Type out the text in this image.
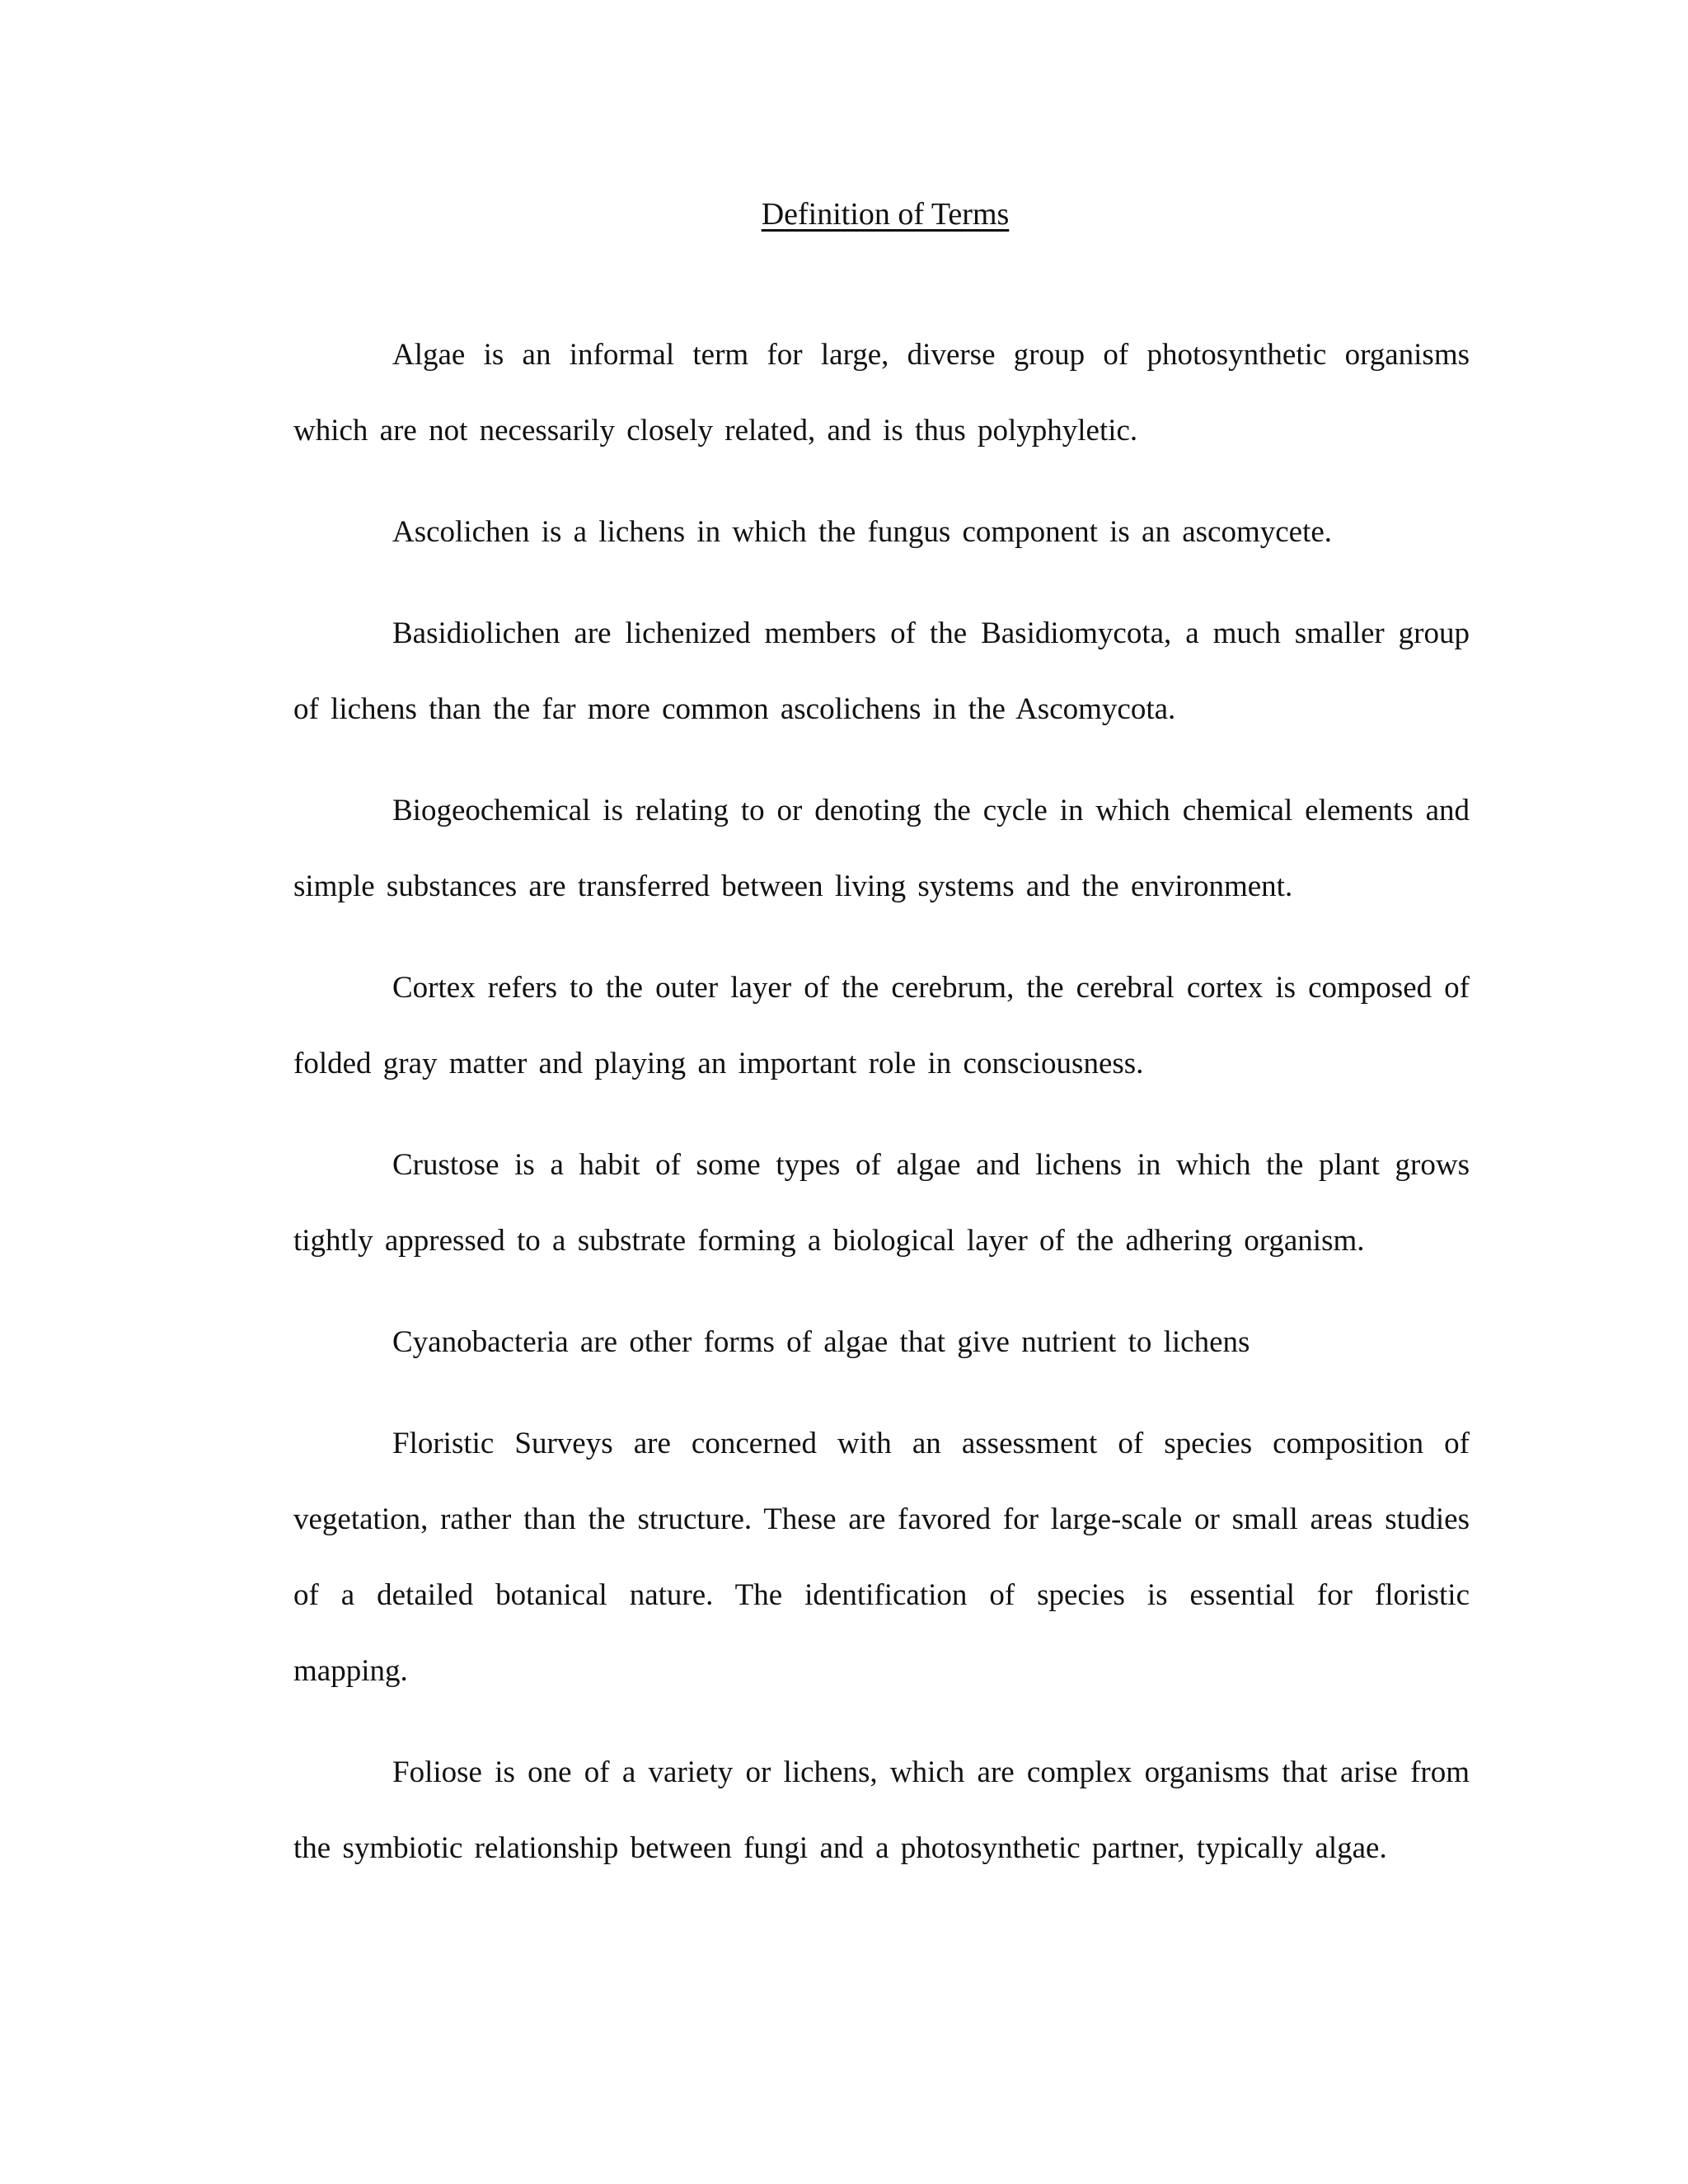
Definition of Terms

Algae is an informal term for large, diverse group of photosynthetic organisms which are not necessarily closely related, and is thus polyphyletic.

Ascolichen is a lichens in which the fungus component is an ascomycete.

Basidiolichen are lichenized members of the Basidiomycota, a much smaller group of lichens than the far more common ascolichens in the Ascomycota.

Biogeochemical is relating to or denoting the cycle in which chemical elements and simple substances are transferred between living systems and the environment.

Cortex refers to the outer layer of the cerebrum, the cerebral cortex is composed of folded gray matter and playing an important role in consciousness.

Crustose is a habit of some types of algae and lichens in which the plant grows tightly appressed to a substrate forming a biological layer of the adhering organism.

Cyanobacteria are other forms of algae that give nutrient to lichens

Floristic Surveys are concerned with an assessment of species composition of vegetation, rather than the structure. These are favored for large-scale or small areas studies of a detailed botanical nature. The identification of species is essential for floristic mapping.

Foliose is one of a variety or lichens, which are complex organisms that arise from the symbiotic relationship between fungi and a photosynthetic partner, typically algae.
